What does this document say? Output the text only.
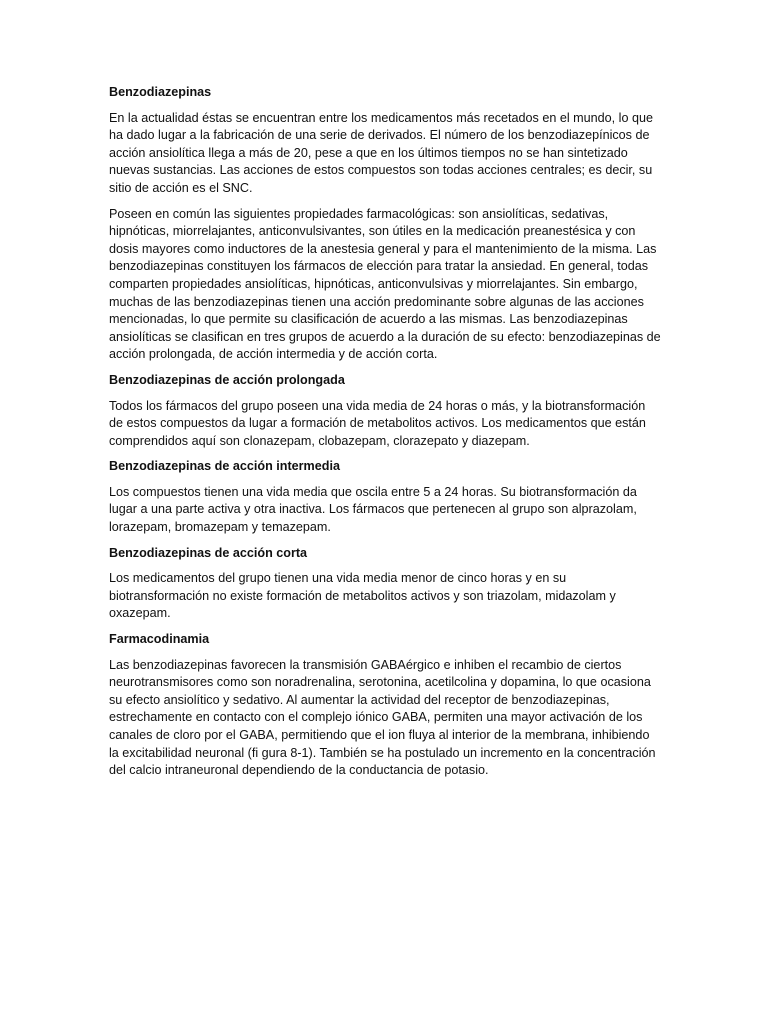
Benzodiazepinas

En la actualidad éstas se encuentran entre los medicamentos más recetados en el mundo, lo que ha dado lugar a la fabricación de una serie de derivados. El número de los benzodiazepínicos de acción ansiolítica llega a más de 20, pese a que en los últimos tiempos no se han sintetizado nuevas sustancias. Las acciones de estos compuestos son todas acciones centrales; es decir, su sitio de acción es el SNC.

Poseen en común las siguientes propiedades farmacológicas: son ansiolíticas, sedativas, hipnóticas, miorrelajantes, anticonvulsivantes, son útiles en la medicación preanestésica y con dosis mayores como inductores de la anestesia general y para el mantenimiento de la misma. Las benzodiazepinas constituyen los fármacos de elección para tratar la ansiedad. En general, todas comparten propiedades ansiolíticas, hipnóticas, anticonvulsivas y miorrelajantes. Sin embargo, muchas de las benzodiazepinas tienen una acción predominante sobre algunas de las acciones mencionadas, lo que permite su clasificación de acuerdo a las mismas. Las benzodiazepinas ansiolíticas se clasifican en tres grupos de acuerdo a la duración de su efecto: benzodiazepinas de acción prolongada, de acción intermedia y de acción corta.

Benzodiazepinas de acción prolongada

Todos los fármacos del grupo poseen una vida media de 24 horas o más, y la biotransformación de estos compuestos da lugar a formación de metabolitos activos. Los medicamentos que están comprendidos aquí son clonazepam, clobazepam, clorazepato y diazepam.

Benzodiazepinas de acción intermedia

Los compuestos tienen una vida media que oscila entre 5 a 24 horas. Su biotransformación da lugar a una parte activa y otra inactiva. Los fármacos que pertenecen al grupo son alprazolam, lorazepam, bromazepam y temazepam.

Benzodiazepinas de acción corta

Los medicamentos del grupo tienen una vida media menor de cinco horas y en su biotransformación no existe formación de metabolitos activos y son triazolam, midazolam y oxazepam.

Farmacodinamia

Las benzodiazepinas favorecen la transmisión GABAérgico e inhiben el recambio de ciertos neurotransmisores como son noradrenalina, serotonina, acetilcolina y dopamina, lo que ocasiona su efecto ansiolítico y sedativo. Al aumentar la actividad del receptor de benzodiazepinas, estrechamente en contacto con el complejo iónico GABA, permiten una mayor activación de los canales de cloro por el GABA, permitiendo que el ion fluya al interior de la membrana, inhibiendo la excitabilidad neuronal (fi gura 8-1). También se ha postulado un incremento en la concentración del calcio intraneuronal dependiendo de la conductancia de potasio.
